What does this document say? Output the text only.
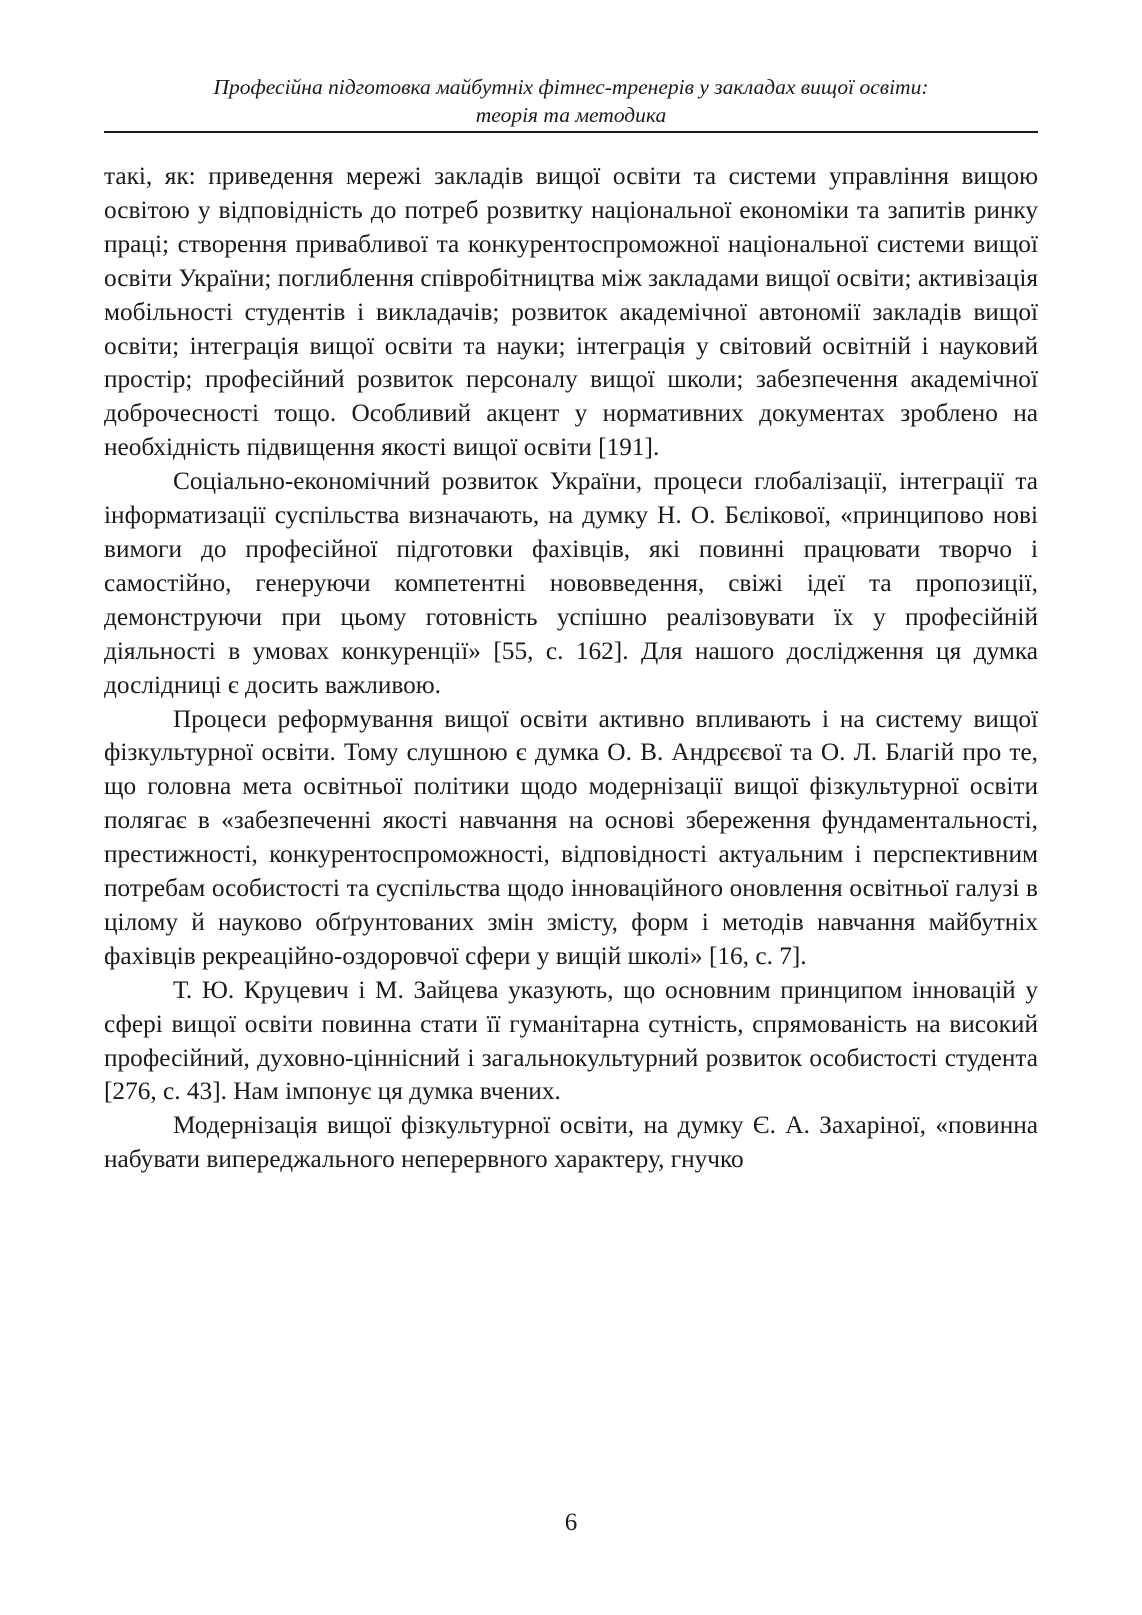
Професійна підготовка майбутніх фітнес-тренерів у закладах вищої освіти:
теорія та методика

такі, як: приведення мережі закладів вищої освіти та системи управління вищою освітою у відповідність до потреб розвитку національної економіки та запитів ринку праці; створення привабливої та конкурентоспроможної національної системи вищої освіти України; поглиблення співробітництва між закладами вищої освіти; активізація мобільності студентів і викладачів; розвиток академічної автономії закладів вищої освіти; інтеграція вищої освіти та науки; інтеграція у світовий освітній і науковий простір; професійний розвиток персоналу вищої школи; забезпечення академічної доброчесності тощо. Особливий акцент у нормативних документах зроблено на необхідність підвищення якості вищої освіти [191].

Соціально-економічний розвиток України, процеси глобалізації, інтеграції та інформатизації суспільства визначають, на думку Н. О. Бєлікової, «принципово нові вимоги до професійної підготовки фахівців, які повинні працювати творчо і самостійно, генеруючи компетентні нововведення, свіжі ідеї та пропозиції, демонструючи при цьому готовність успішно реалізовувати їх у професійній діяльності в умовах конкуренції» [55, с. 162]. Для нашого дослідження ця думка дослідниці є досить важливою.

Процеси реформування вищої освіти активно впливають і на систему вищої фізкультурної освіти. Тому слушною є думка О. В. Андрєєвої та О. Л. Благій про те, що головна мета освітньої політики щодо модернізації вищої фізкультурної освіти полягає в «забезпеченні якості навчання на основі збереження фундаментальності, престижності, конкурентоспроможності, відповідності актуальним і перспективним потребам особистості та суспільства щодо інноваційного оновлення освітньої галузі в цілому й науково обґрунтованих змін змісту, форм і методів навчання майбутніх фахівців рекреаційно-оздоровчої сфери у вищій школі» [16, с. 7].

Т. Ю. Круцевич і М. Зайцева указують, що основним принципом інновацій у сфері вищої освіти повинна стати її гуманітарна сутність, спрямованість на високий професійний, духовно-ціннісний і загальнокультурний розвиток особистості студента [276, с. 43]. Нам імпонує ця думка вчених.

Модернізація вищої фізкультурної освіти, на думку Є. А. Захаріної, «повинна набувати випереджального неперервного характеру, гнучко

6
